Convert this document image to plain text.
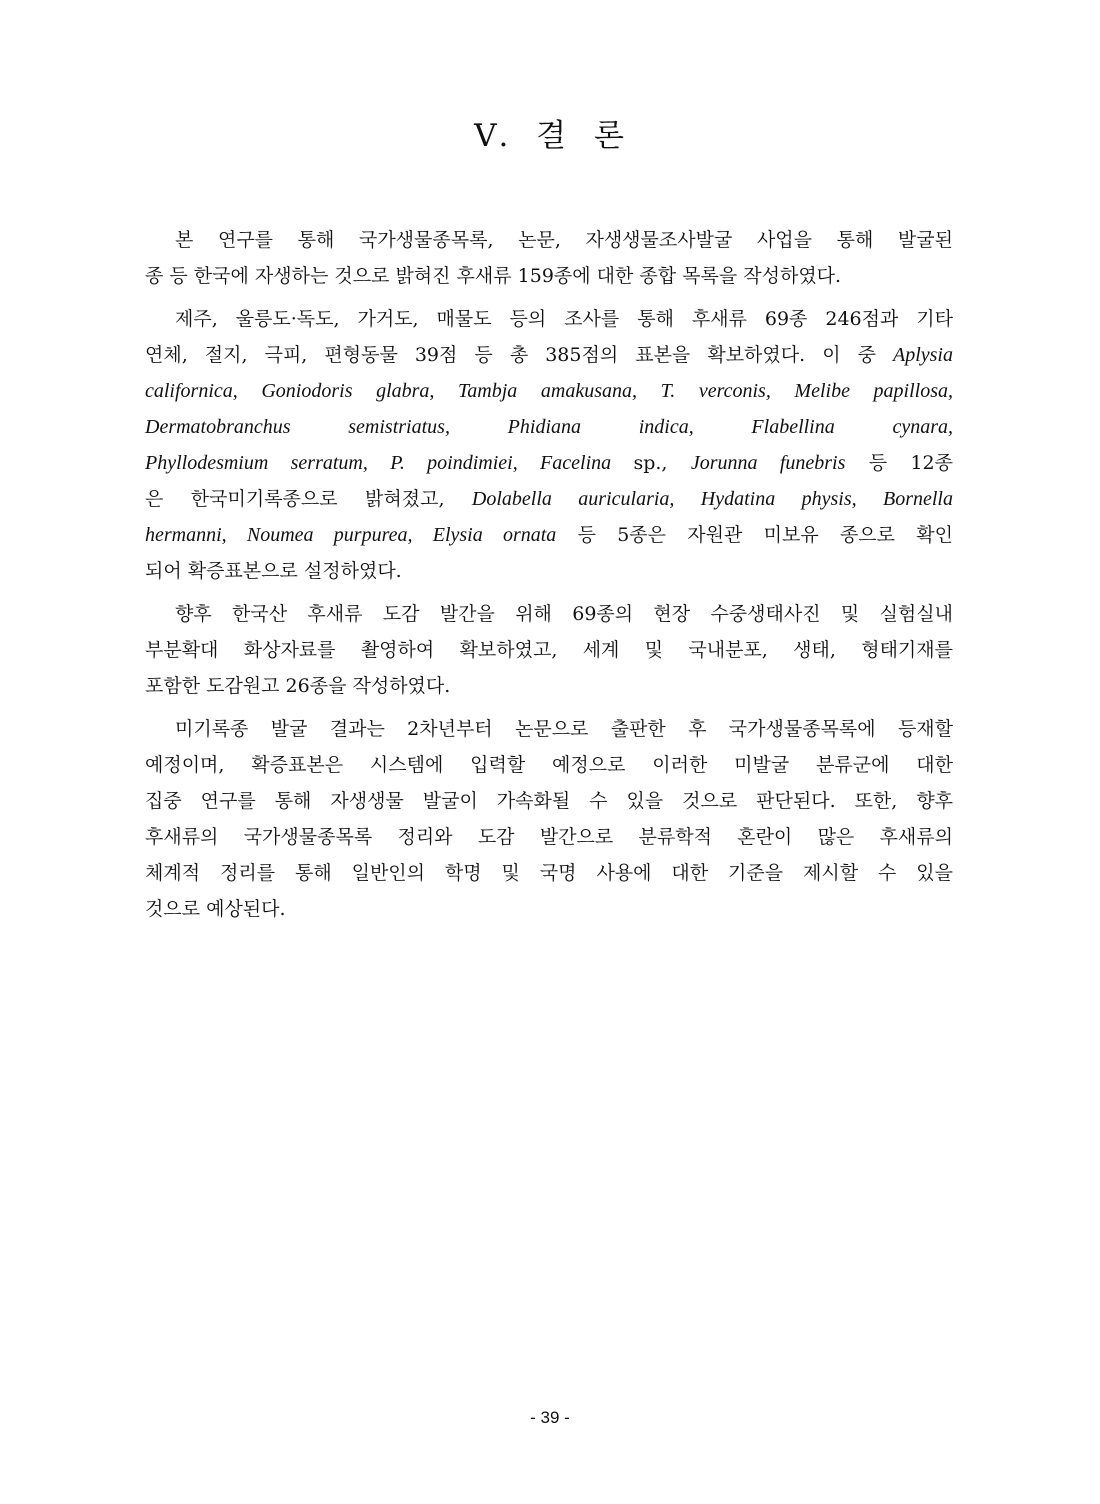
Ⅴ. 결 론
본 연구를 통해 국가생물종목록, 논문, 자생생물조사발굴 사업을 통해 발굴된
종 등 한국에 자생하는 것으로 밝혀진 후새류 159종에 대한 종합 목록을 작성하였다.
제주, 울릉도·독도, 가거도, 매물도 등의 조사를 통해 후새류 69종 246점과 기타
연체, 절지, 극피, 편형동물 39점 등 총 385점의 표본을 확보하였다. 이 중 Aplysia
californica, Goniodoris glabra, Tambja amakusana, T. verconis, Melibe papillosa,
Dermatobranchus semistriatus, Phidiana indica, Flabellina cynara,
Phyllodesmium serratum, P. poindimiei, Facelina sp., Jorunna funebris 등 12종
은 한국미기록종으로 밝혀졌고, Dolabella auricularia, Hydatina physis, Bornella
hermanni, Noumea purpurea, Elysia ornata 등 5종은 자원관 미보유 종으로 확인
되어 확증표본으로 설정하였다.
향후 한국산 후새류 도감 발간을 위해 69종의 현장 수중생태사진 및 실험실내
부분확대 화상자료를 촬영하여 확보하였고, 세계 및 국내분포, 생태, 형태기재를
포함한 도감원고 26종을 작성하였다.
미기록종 발굴 결과는 2차년부터 논문으로 출판한 후 국가생물종목록에 등재할
예정이며, 확증표본은 시스템에 입력할 예정으로 이러한 미발굴 분류군에 대한
집중 연구를 통해 자생생물 발굴이 가속화될 수 있을 것으로 판단된다. 또한, 향후
후새류의 국가생물종목록 정리와 도감 발간으로 분류학적 혼란이 많은 후새류의
체계적 정리를 통해 일반인의 학명 및 국명 사용에 대한 기준을 제시할 수 있을
것으로 예상된다.
- 39 -
